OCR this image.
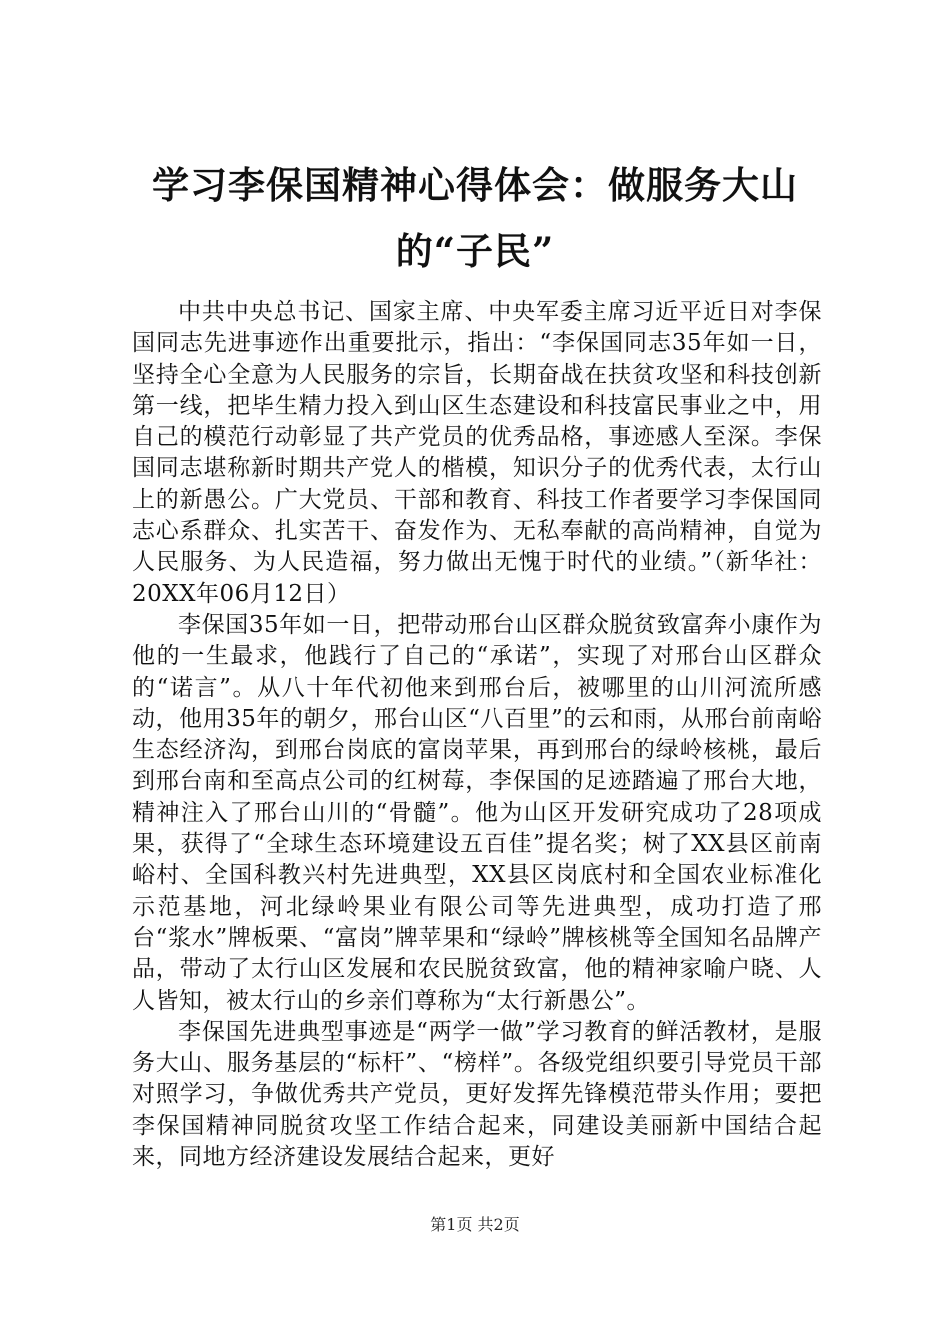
学习李保国精神心得体会：做服务大山的“子民”

中共中央总书记、国家主席、中央军委主席习近平近日对李保国同志先进事迹作出重要批示，指出：“李保国同志35年如一日，坚持全心全意为人民服务的宗旨，长期奋战在扶贫攻坚和科技创新第一线，把毕生精力投入到山区生态建设和科技富民事业之中，用自己的模范行动彰显了共产党员的优秀品格，事迹感人至深。李保国同志堪称新时期共产党人的楷模，知识分子的优秀代表，太行山上的新愚公。广大党员、干部和教育、科技工作者要学习李保国同志心系群众、扎实苦干、奋发作为、无私奉献的高尚精神，自觉为人民服务、为人民造福，努力做出无愧于时代的业绩。”（新华社：20XX年06月12日）

李保国35年如一日，把带动邢台山区群众脱贫致富奔小康作为他的一生最求，他践行了自己的“承诺”，实现了对邢台山区群众的“诺言”。从八十年代初他来到邢台后，被哪里的山川河流所感动，他用35年的朝夕，邢台山区“八百里”的云和雨，从邢台前南峪生态经济沟，到邢台岗底的富岗苹果，再到邢台的绿岭核桃，最后到邢台南和至高点公司的红树莓，李保国的足迹踏遍了邢台大地，精神注入了邢台山川的“骨髓”。他为山区开发研究成功了28项成果，获得了“全球生态环境建设五百佳”提名奖；树了XX县区前南峪村、全国科教兴村先进典型，XX县区岗底村和全国农业标准化示范基地，河北绿岭果业有限公司等先进典型，成功打造了邢台“浆水”牌板栗、“富岗”牌苹果和“绿岭”牌核桃等全国知名品牌产品，带动了太行山区发展和农民脱贫致富，他的精神家喻户晓、人人皆知，被太行山的乡亲们尊称为“太行新愚公”。

李保国先进典型事迹是“两学一做”学习教育的鲜活教材，是服务大山、服务基层的“标杆”、“榜样”。各级党组织要引导党员干部对照学习，争做优秀共产党员，更好发挥先锋模范带头作用；要把李保国精神同脱贫攻坚工作结合起来，同建设美丽新中国结合起来，同地方经济建设发展结合起来，更好

第1页 共2页
